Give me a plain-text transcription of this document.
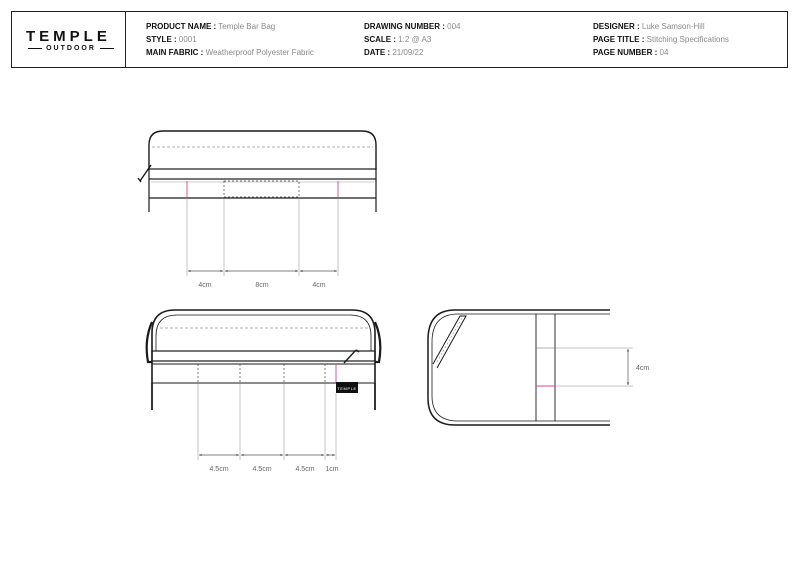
TEMPLE
OUTDOOR
PRODUCT NAME : Temple Bar Bag
STYLE : 0001
MAIN FABRIC : Weatherproof Polyester Fabric
DRAWING NUMBER : 004
SCALE : 1:2 @ A3
DATE : 21/09/22
DESIGNER : Luke Samson-Hill
PAGE TITLE : Stitching Specifications
PAGE NUMBER : 04
4cm	8cm	4cm
TEMPLE
4.5cm	4.5cm	4.5cm 1cm
4cm
